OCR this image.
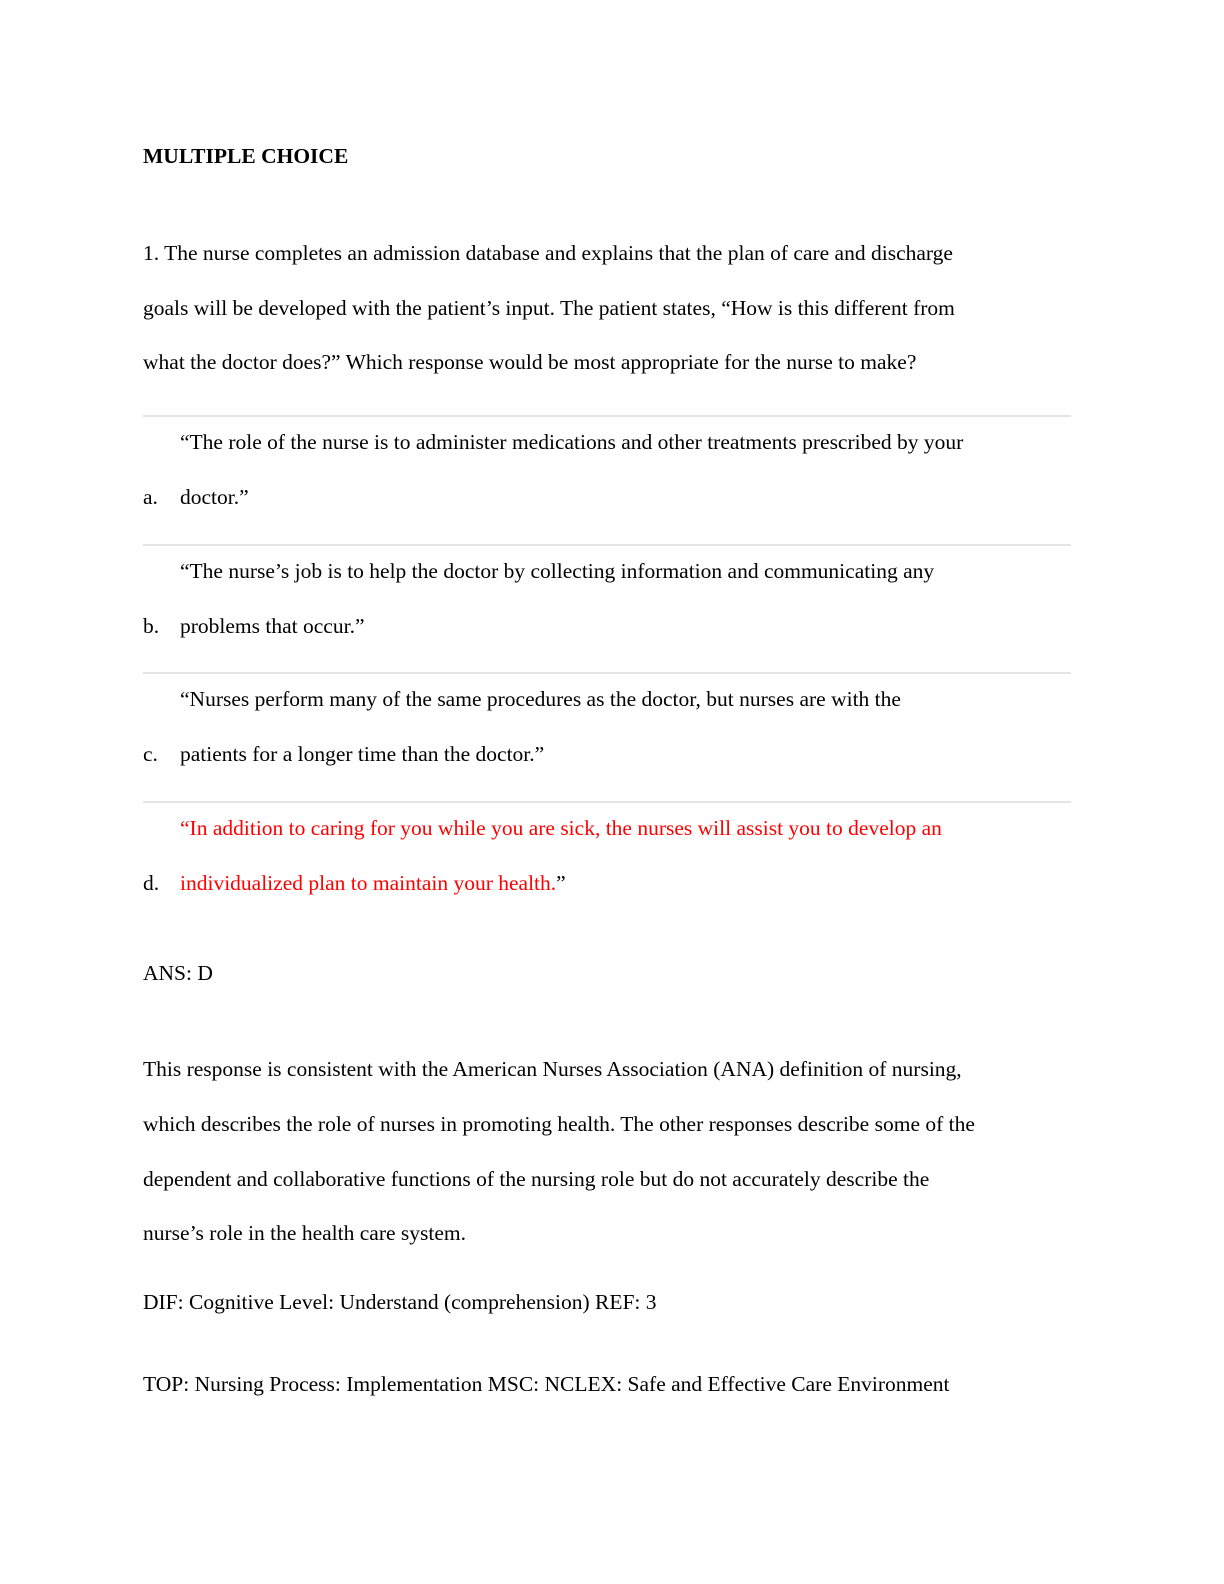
MULTIPLE CHOICE
1. The nurse completes an admission database and explains that the plan of care and discharge
goals will be developed with the patient’s input. The patient states, “How is this different from
what the doctor does?” Which response would be most appropriate for the nurse to make?
“The role of the nurse is to administer medications and other treatments prescribed by your
doctor.”
a.
“The nurse’s job is to help the doctor by collecting information and communicating any
problems that occur.”
b.
“Nurses perform many of the same procedures as the doctor, but nurses are with the
patients for a longer time than the doctor.”
c.
“In addition to caring for you while you are sick, the nurses will assist you to develop an
individualized plan to maintain your health.”
d.
ANS: D
This response is consistent with the American Nurses Association (ANA) definition of nursing,
which describes the role of nurses in promoting health. The other responses describe some of the
dependent and collaborative functions of the nursing role but do not accurately describe the
nurse’s role in the health care system.
DIF: Cognitive Level: Understand (comprehension) REF: 3
TOP: Nursing Process: Implementation MSC: NCLEX: Safe and Effective Care Environment
